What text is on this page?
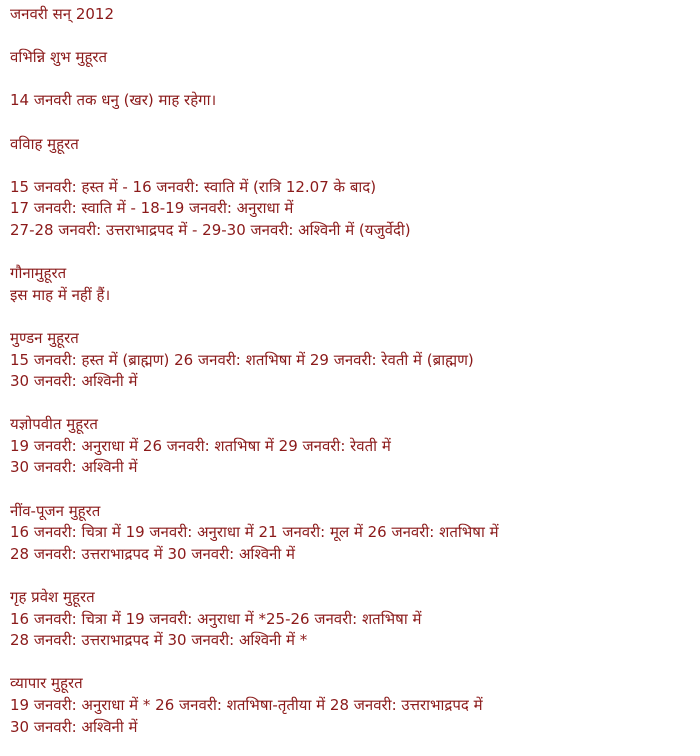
जनवरी सन् 2012
वभिन्नि शुभ मुहूरत
14 जनवरी तक धनु (खर) माह रहेगा।
ववािह मुहूरत
15 जनवरी: हस्त में - 16 जनवरी: स्वाति में (रात्रि 12.07 के बाद)
17 जनवरी: स्वाति में - 18-19 जनवरी: अनुराधा में
27-28 जनवरी: उत्तराभाद्रपद में - 29-30 जनवरी: अश्विनी में (यजुर्वेदी)
गौनामुहूरत
इस माह में नहीं हैं।
मुण्डन मुहूरत
15 जनवरी: हस्त में (ब्राह्मण) 26 जनवरी: शतभिषा में 29 जनवरी: रेवती में (ब्राह्मण)
30 जनवरी: अश्विनी में
यज्ञोपवीत मुहूरत
19 जनवरी: अनुराधा में 26 जनवरी: शतभिषा में 29 जनवरी: रेवती में
30 जनवरी: अश्विनी में
नींव-पूजन मुहूरत
16 जनवरी: चित्रा में 19 जनवरी: अनुराधा में 21 जनवरी: मूल में 26 जनवरी: शतभिषा में
28 जनवरी: उत्तराभाद्रपद में 30 जनवरी: अश्विनी में
गृह प्रवेश मुहूरत
16 जनवरी: चित्रा में 19 जनवरी: अनुराधा में *25-26 जनवरी: शतभिषा में
28 जनवरी: उत्तराभाद्रपद में 30 जनवरी: अश्विनी में *
व्यापार मुहूरत
19 जनवरी: अनुराधा में * 26 जनवरी: शतभिषा-तृतीया में 28 जनवरी: उत्तराभाद्रपद में
30 जनवरी: अश्विनी में
